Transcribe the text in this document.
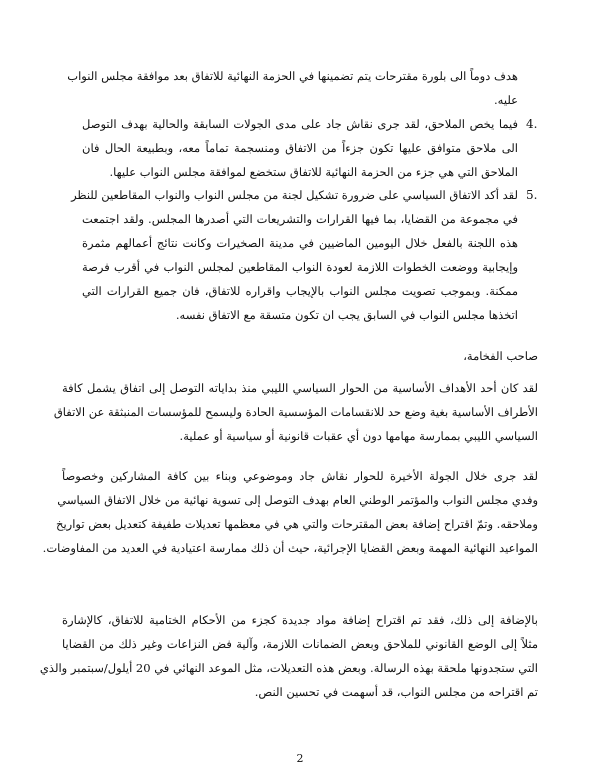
هدف دوماً الى بلورة مقترحات يتم تضمينها في الحزمة النهائية للاتفاق بعد موافقة مجلس النواب
عليه.
4.
فيما يخص الملاحق، لقد جرى نقاش جاد على مدى الجولات السابقة والحالية بهدف التوصل
الى ملاحق متوافق عليها تكون جزءاً من الاتفاق ومنسجمة تماماً معه، وبطبيعة الحال فان
الملاحق التي هي جزء من الحزمة النهائية للاتفاق ستخضع لموافقة مجلس النواب عليها.
5.
لقد أكد الاتفاق السياسي على ضرورة تشكيل لجنة من مجلس النواب والنواب المقاطعين للنظر
في مجموعة من القضايا، بما فيها القرارات والتشريعات التي أصدرها المجلس. ولقد اجتمعت
هذه اللجنة بالفعل خلال اليومين الماضيين في مدينة الصخيرات وكانت نتائج أعمالهم مثمرة
وإيجابية ووضعت الخطوات اللازمة لعودة النواب المقاطعين لمجلس النواب في أقرب فرصة
ممكنة. وبموجب تصويت مجلس النواب بالإيجاب واقراره للاتفاق، فان جميع القرارات التي
اتخذها مجلس النواب في السابق يجب ان تكون متسقة مع الاتفاق نفسه.
صاحب الفخامة،
لقد كان أحد الأهداف الأساسية من الحوار السياسي الليبي منذ بداياته التوصل إلى اتفاق يشمل كافة
الأطراف الأساسية بغية وضع حد للانقسامات المؤسسية الحادة وليسمح للمؤسسات المنبثقة عن الاتفاق
السياسي الليبي بممارسة مهامها دون أي عقبات قانونية أو سياسية أو عملية.
لقد جرى خلال الجولة الأخيرة للحوار نقاش جاد وموضوعي وبناء بين كافة المشاركين وخصوصاً
وفدي مجلس النواب والمؤتمر الوطني العام بهدف التوصل إلى تسوية نهائية من خلال الاتفاق السياسي
وملاحقه. وتمّ اقتراح إضافة بعض المقترحات والتي هي في معظمها تعديلات طفيفة كتعديل بعض تواريخ
المواعيد النهائية المهمة وبعض القضايا الإجرائية، حيث أن ذلك ممارسة اعتيادية في العديد من المفاوضات.
بالإضافة إلى ذلك، فقد تم اقتراح إضافة مواد جديدة كجزء من الأحكام الختامية للاتفاق، كالإشارة
مثلاً إلى الوضع القانوني للملاحق وبعض الضمانات اللازمة، وآلية فض النزاعات وغير ذلك من القضايا
التي ستجدونها ملحقة بهذه الرسالة. وبعض هذه التعديلات، مثل الموعد النهائي في 20 أيلول/سبتمبر والذي
تم اقتراحه من مجلس النواب، قد أسهمت في تحسين النص.
2
